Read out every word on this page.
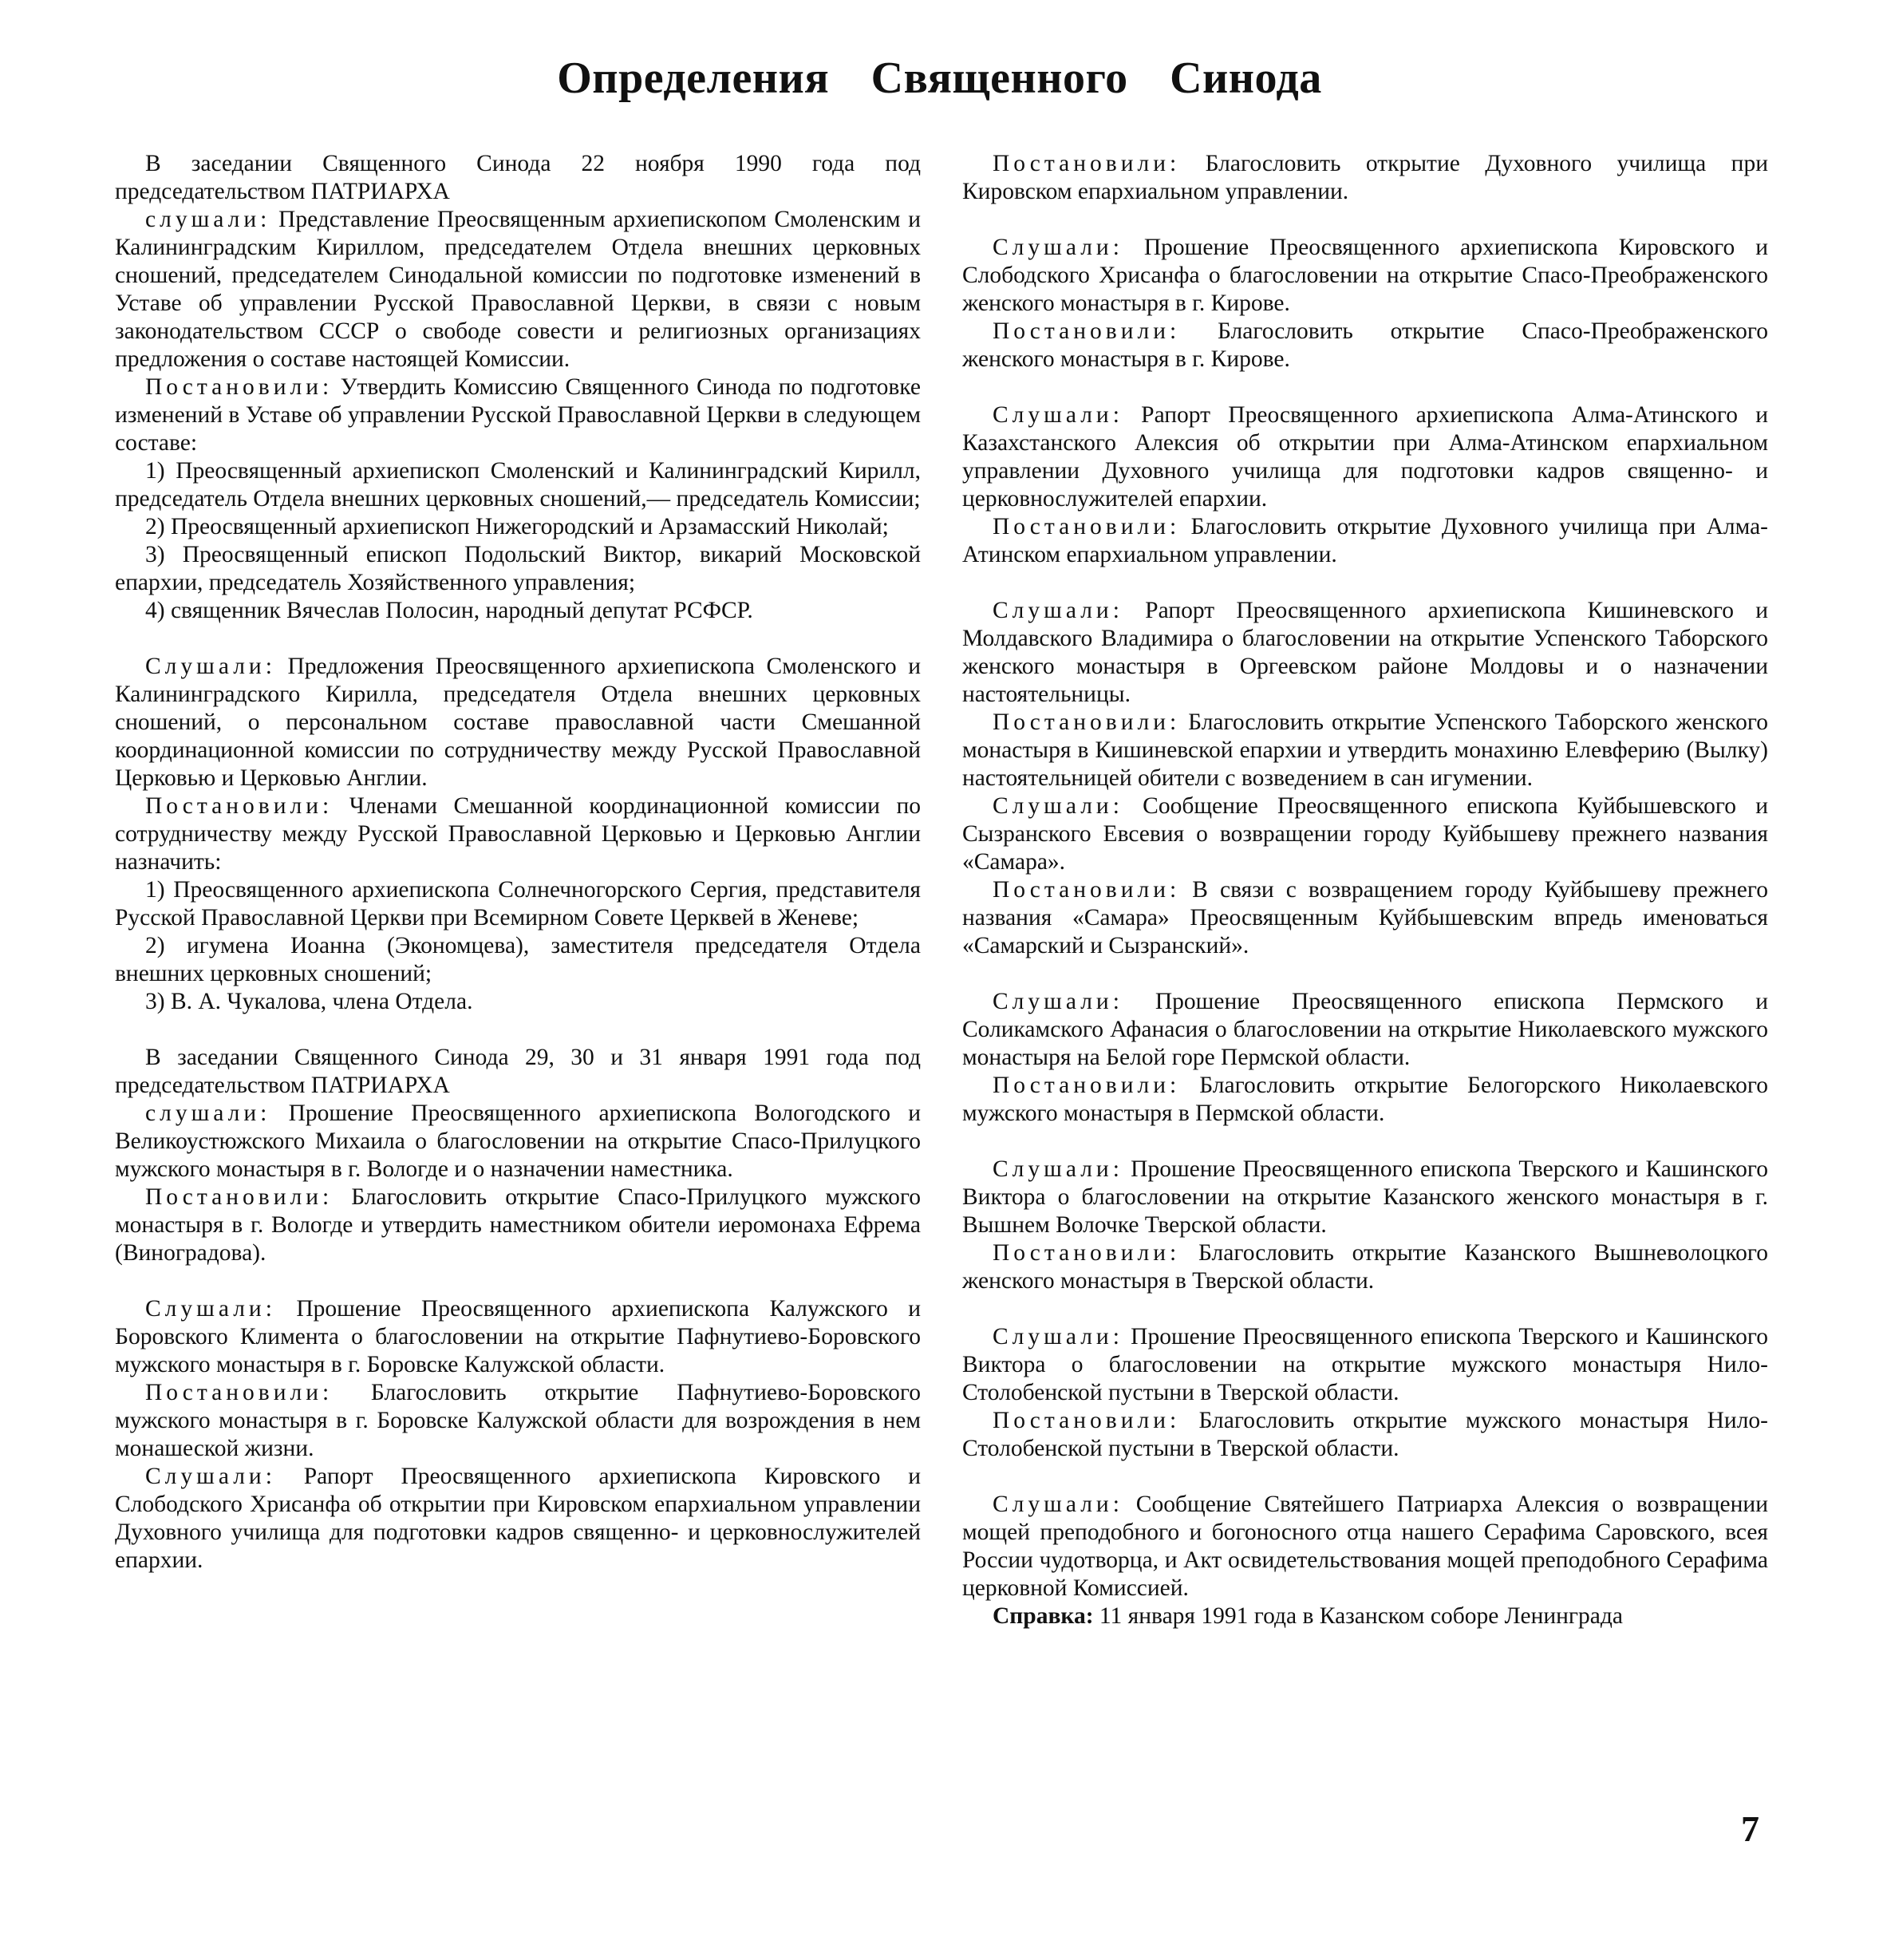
Определения Священного Синода

В заседании Священного Синода 22 ноября 1990 года под председательством ПАТРИАРХА

слушали: Представление Преосвященным архиепископом Смоленским и Калининградским Кириллом, председателем Отдела внешних церковных сношений, председателем Синодальной комиссии по подготовке изменений в Уставе об управлении Русской Православной Церкви, в связи с новым законодательством СССР о свободе совести и религиозных организациях предложения о составе настоящей Комиссии.

Постановили: Утвердить Комиссию Священного Синода по подготовке изменений в Уставе об управлении Русской Православной Церкви в следующем составе:

1) Преосвященный архиепископ Смоленский и Калининградский Кирилл, председатель Отдела внешних церковных сношений,— председатель Комиссии;

2) Преосвященный архиепископ Нижегородский и Арзамасский Николай;

3) Преосвященный епископ Подольский Виктор, викарий Московской епархии, председатель Хозяйственного управления;

4) священник Вячеслав Полосин, народный депутат РСФСР.

Слушали: Предложения Преосвященного архиепископа Смоленского и Калининградского Кирилла, председателя Отдела внешних церковных сношений, о персональном составе православной части Смешанной координационной комиссии по сотрудничеству между Русской Православной Церковью и Церковью Англии.

Постановили: Членами Смешанной координационной комиссии по сотрудничеству между Русской Православной Церковью и Церковью Англии назначить:

1) Преосвященного архиепископа Солнечногорского Сергия, представителя Русской Православной Церкви при Всемирном Совете Церквей в Женеве;

2) игумена Иоанна (Экономцева), заместителя председателя Отдела внешних церковных сношений;

3) В. А. Чукалова, члена Отдела.

В заседании Священного Синода 29, 30 и 31 января 1991 года под председательством ПАТРИАРХА

слушали: Прошение Преосвященного архиепископа Вологодского и Великоустюжского Михаила о благословении на открытие Спасо-Прилуцкого мужского монастыря в г. Вологде и о назначении наместника.

Постановили: Благословить открытие Спасо-Прилуцкого мужского монастыря в г. Вологде и утвердить наместником обители иеромонаха Ефрема (Виноградова).

Слушали: Прошение Преосвященного архиепископа Калужского и Боровского Климента о благословении на открытие Пафнутиево-Боровского мужского монастыря в г. Боровске Калужской области.

Постановили: Благословить открытие Пафнутиево-Боровского мужского монастыря в г. Боровске Калужской области для возрождения в нем монашеской жизни.

Слушали: Рапорт Преосвященного архиепископа Кировского и Слободского Хрисанфа об открытии при Кировском епархиальном управлении Духовного училища для подготовки кадров священно- и церковнослужителей епархии.

Постановили: Благословить открытие Духовного училища при Кировском епархиальном управлении.

Слушали: Прошение Преосвященного архиепископа Кировского и Слободского Хрисанфа о благословении на открытие Спасо-Преображенского женского монастыря в г. Кирове.

Постановили: Благословить открытие Спасо-Преображенского женского монастыря в г. Кирове.

Слушали: Рапорт Преосвященного архиепископа Алма-Атинского и Казахстанского Алексия об открытии при Алма-Атинском епархиальном управлении Духовного училища для подготовки кадров священно- и церковнослужителей епархии.

Постановили: Благословить открытие Духовного училища при Алма-Атинском епархиальном управлении.

Слушали: Рапорт Преосвященного архиепископа Кишиневского и Молдавского Владимира о благословении на открытие Успенского Таборского женского монастыря в Оргеевском районе Молдовы и о назначении настоятельницы.

Постановили: Благословить открытие Успенского Таборского женского монастыря в Кишиневской епархии и утвердить монахиню Елевферию (Вылку) настоятельницей обители с возведением в сан игумении.

Слушали: Сообщение Преосвященного епископа Куйбышевского и Сызранского Евсевия о возвращении городу Куйбышеву прежнего названия «Самара».

Постановили: В связи с возвращением городу Куйбышеву прежнего названия «Самара» Преосвященным Куйбышевским впредь именоваться «Самарский и Сызранский».

Слушали: Прошение Преосвященного епископа Пермского и Соликамского Афанасия о благословении на открытие Николаевского мужского монастыря на Белой горе Пермской области.

Постановили: Благословить открытие Белогорского Николаевского мужского монастыря в Пермской области.

Слушали: Прошение Преосвященного епископа Тверского и Кашинского Виктора о благословении на открытие Казанского женского монастыря в г. Вышнем Волочке Тверской области.

Постановили: Благословить открытие Казанского Вышневолоцкого женского монастыря в Тверской области.

Слушали: Прошение Преосвященного епископа Тверского и Кашинского Виктора о благословении на открытие мужского монастыря Нило-Столобенской пустыни в Тверской области.

Постановили: Благословить открытие мужского монастыря Нило-Столобенской пустыни в Тверской области.

Слушали: Сообщение Святейшего Патриарха Алексия о возвращении мощей преподобного и богоносного отца нашего Серафима Саровского, всея России чудотворца, и Акт освидетельствования мощей преподобного Серафима церковной Комиссией.

Справка: 11 января 1991 года в Казанском соборе Ленинграда

7
